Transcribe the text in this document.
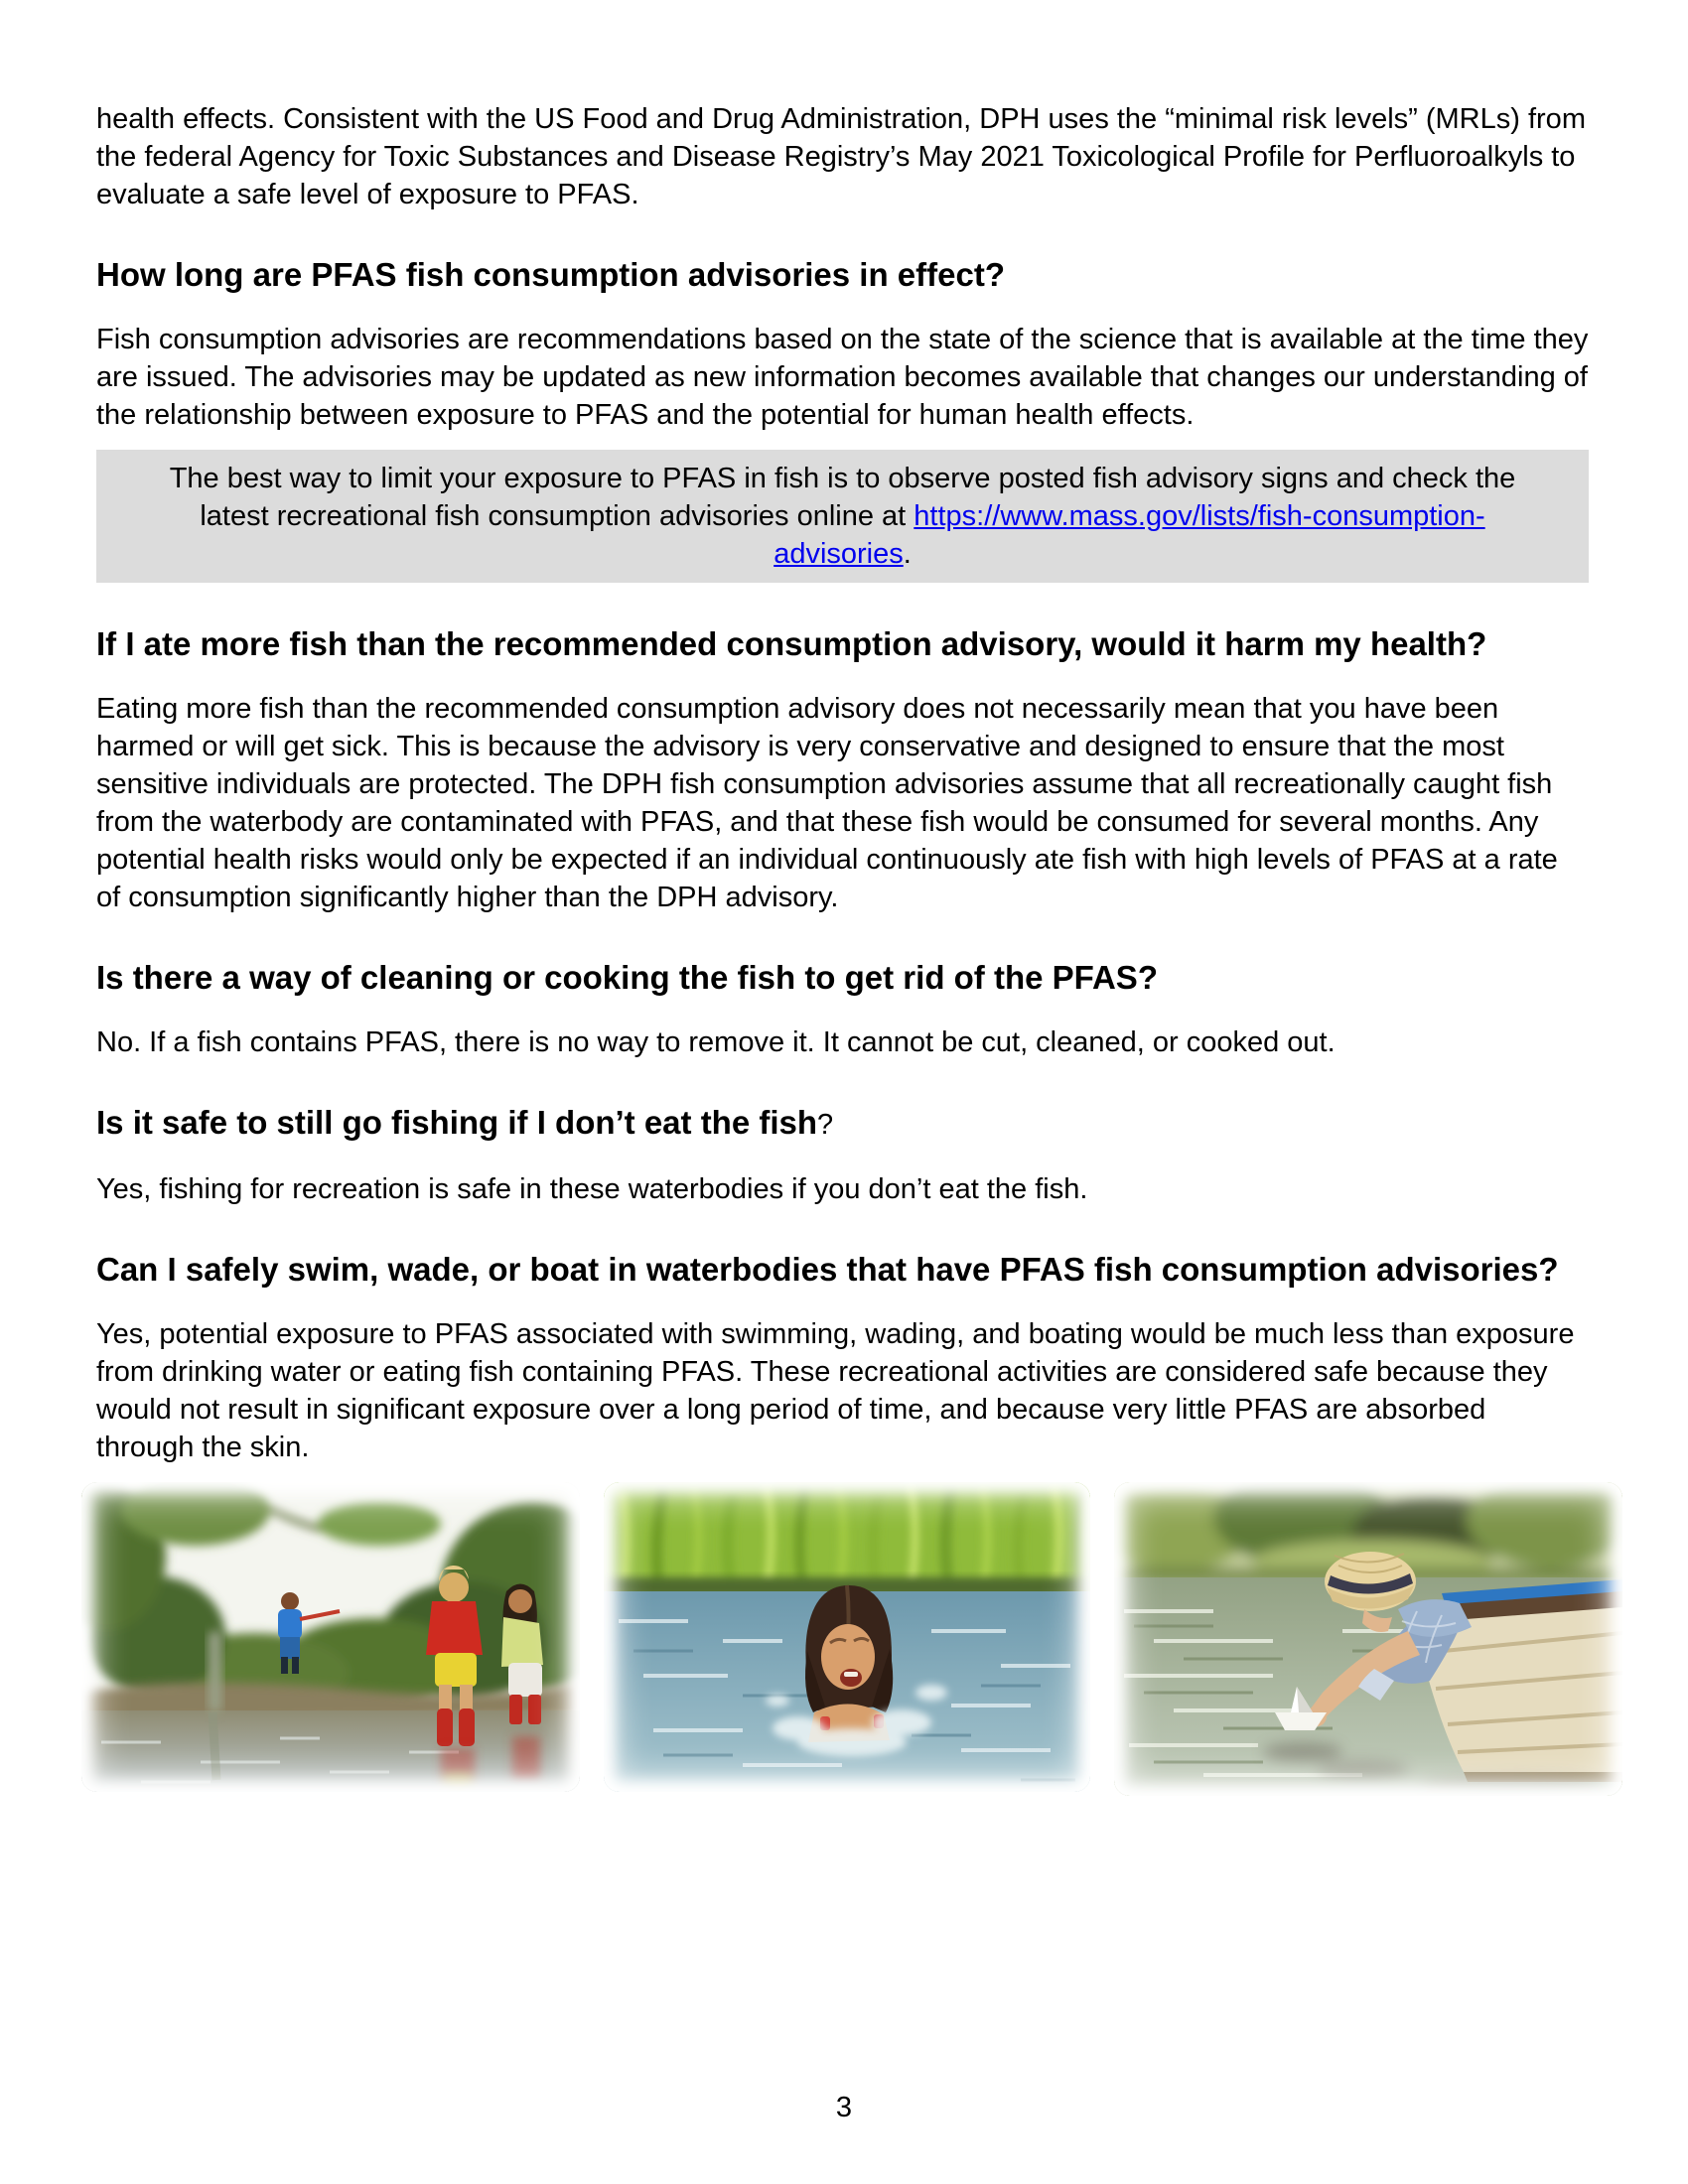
health effects. Consistent with the US Food and Drug Administration, DPH uses the “minimal risk levels” (MRLs) from the federal Agency for Toxic Substances and Disease Registry’s May 2021 Toxicological Profile for Perfluoroalkyls to evaluate a safe level of exposure to PFAS.

How long are PFAS fish consumption advisories in effect?

Fish consumption advisories are recommendations based on the state of the science that is available at the time they are issued. The advisories may be updated as new information becomes available that changes our understanding of the relationship between exposure to PFAS and the potential for human health effects.

The best way to limit your exposure to PFAS in fish is to observe posted fish advisory signs and check the latest recreational fish consumption advisories online at https://www.mass.gov/lists/fish-consumption-advisories.
If I ate more fish than the recommended consumption advisory, would it harm my health?

Eating more fish than the recommended consumption advisory does not necessarily mean that you have been harmed or will get sick. This is because the advisory is very conservative and designed to ensure that the most sensitive individuals are protected. The DPH fish consumption advisories assume that all recreationally caught fish from the waterbody are contaminated with PFAS, and that these fish would be consumed for several months. Any potential health risks would only be expected if an individual continuously ate fish with high levels of PFAS at a rate of consumption significantly higher than the DPH advisory.

Is there a way of cleaning or cooking the fish to get rid of the PFAS?

No. If a fish contains PFAS, there is no way to remove it. It cannot be cut, cleaned, or cooked out.

Is it safe to still go fishing if I don’t eat the fish?

Yes, fishing for recreation is safe in these waterbodies if you don’t eat the fish.

Can I safely swim, wade, or boat in waterbodies that have PFAS fish consumption advisories?

Yes, potential exposure to PFAS associated with swimming, wading, and boating would be much less than exposure from drinking water or eating fish containing PFAS. These recreational activities are considered safe because they would not result in significant exposure over a long period of time, and because very little PFAS are absorbed through the skin.

3
